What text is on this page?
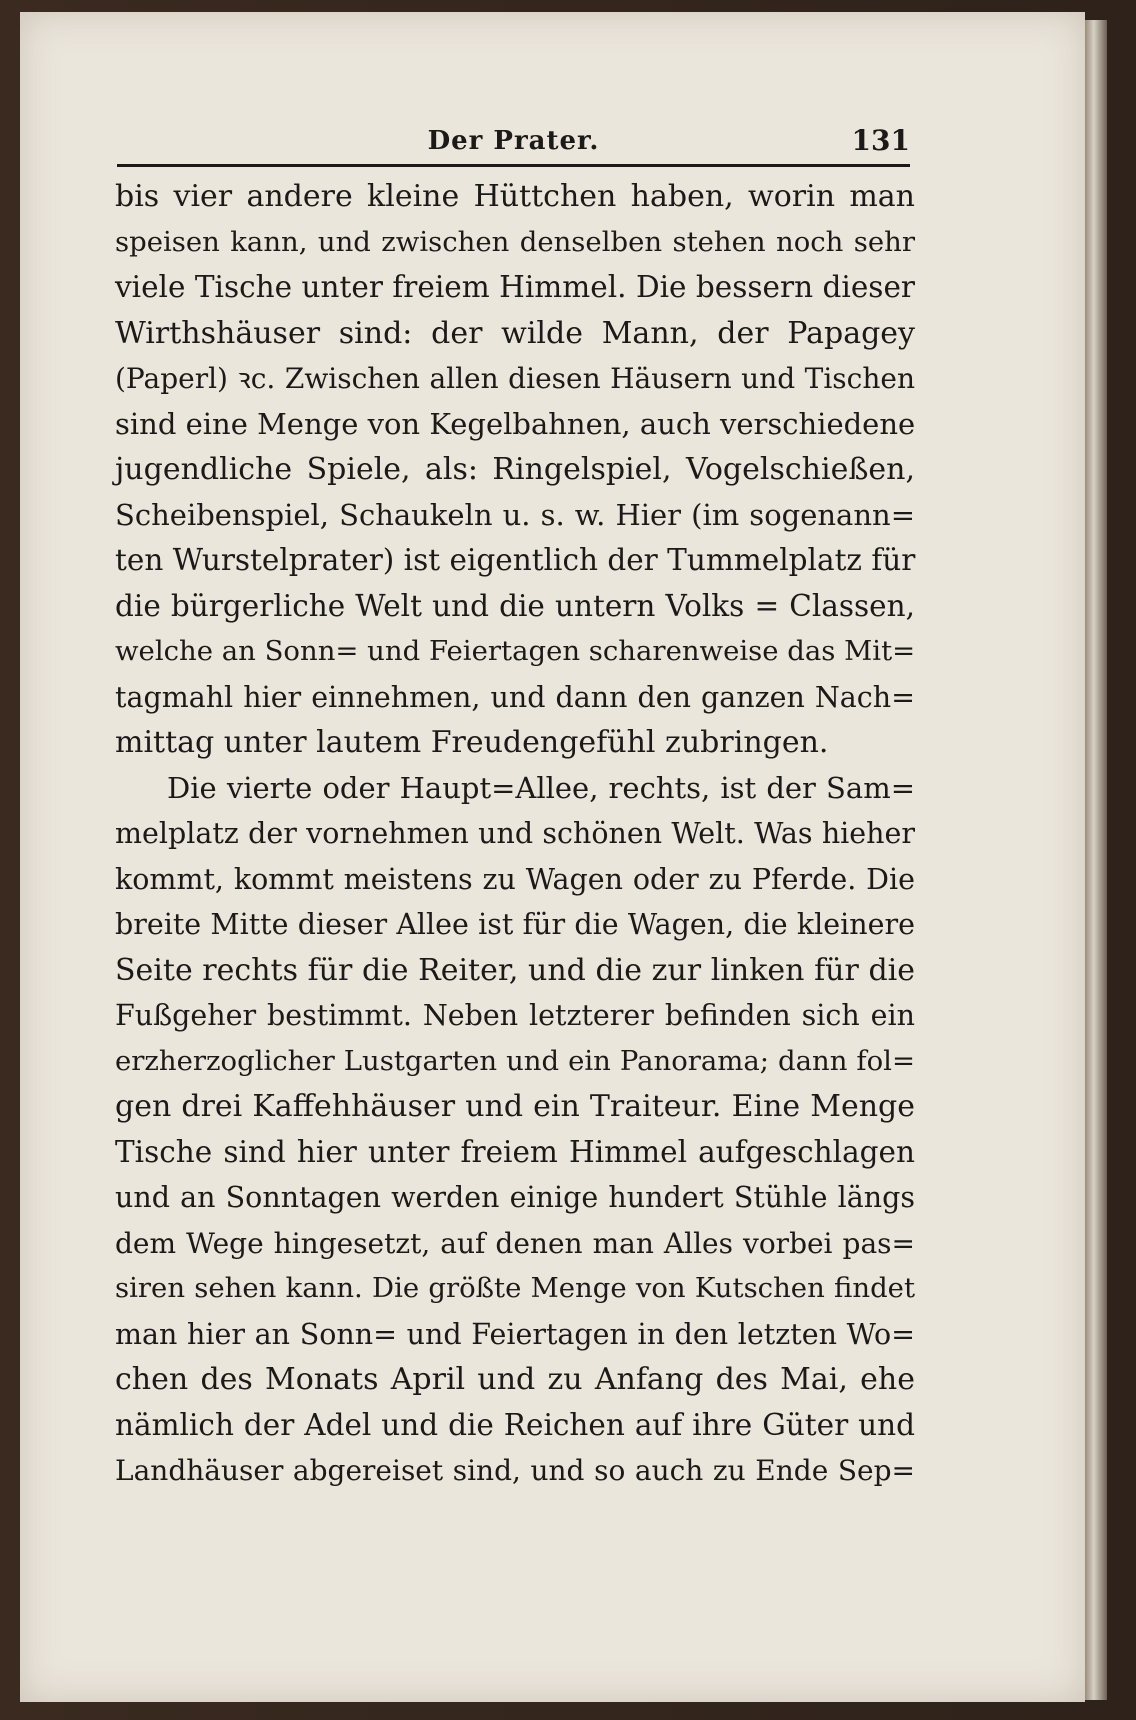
Der Prater.	131

bis vier andere kleine Hüttchen haben, worin man
speisen kann, und zwischen denselben stehen noch sehr
viele Tische unter freiem Himmel. Die bessern dieser
Wirthshäuser sind: der wilde Mann, der Papagey
(Paperl) ꝛc. Zwischen allen diesen Häusern und Tischen
sind eine Menge von Kegelbahnen, auch verschiedene
jugendliche Spiele, als: Ringelspiel, Vogelschießen,
Scheibenspiel, Schaukeln u. s. w. Hier (im sogenann=
ten Wurstelprater) ist eigentlich der Tummelplatz für
die bürgerliche Welt und die untern Volks = Classen,
welche an Sonn= und Feiertagen scharenweise das Mit=
tagmahl hier einnehmen, und dann den ganzen Nach=
mittag unter lautem Freudengefühl zubringen.

Die vierte oder Haupt=Allee, rechts, ist der Sam=
melplatz der vornehmen und schönen Welt. Was hieher
kommt, kommt meistens zu Wagen oder zu Pferde. Die
breite Mitte dieser Allee ist für die Wagen, die kleinere
Seite rechts für die Reiter, und die zur linken für die
Fußgeher bestimmt. Neben letzterer befinden sich ein
erzherzoglicher Lustgarten und ein Panorama; dann fol=
gen drei Kaffehhäuser und ein Traiteur. Eine Menge
Tische sind hier unter freiem Himmel aufgeschlagen
und an Sonntagen werden einige hundert Stühle längs
dem Wege hingesetzt, auf denen man Alles vorbei pas=
siren sehen kann. Die größte Menge von Kutschen findet
man hier an Sonn= und Feiertagen in den letzten Wo=
chen des Monats April und zu Anfang des Mai, ehe
nämlich der Adel und die Reichen auf ihre Güter und
Landhäuser abgereiset sind, und so auch zu Ende Sep=
